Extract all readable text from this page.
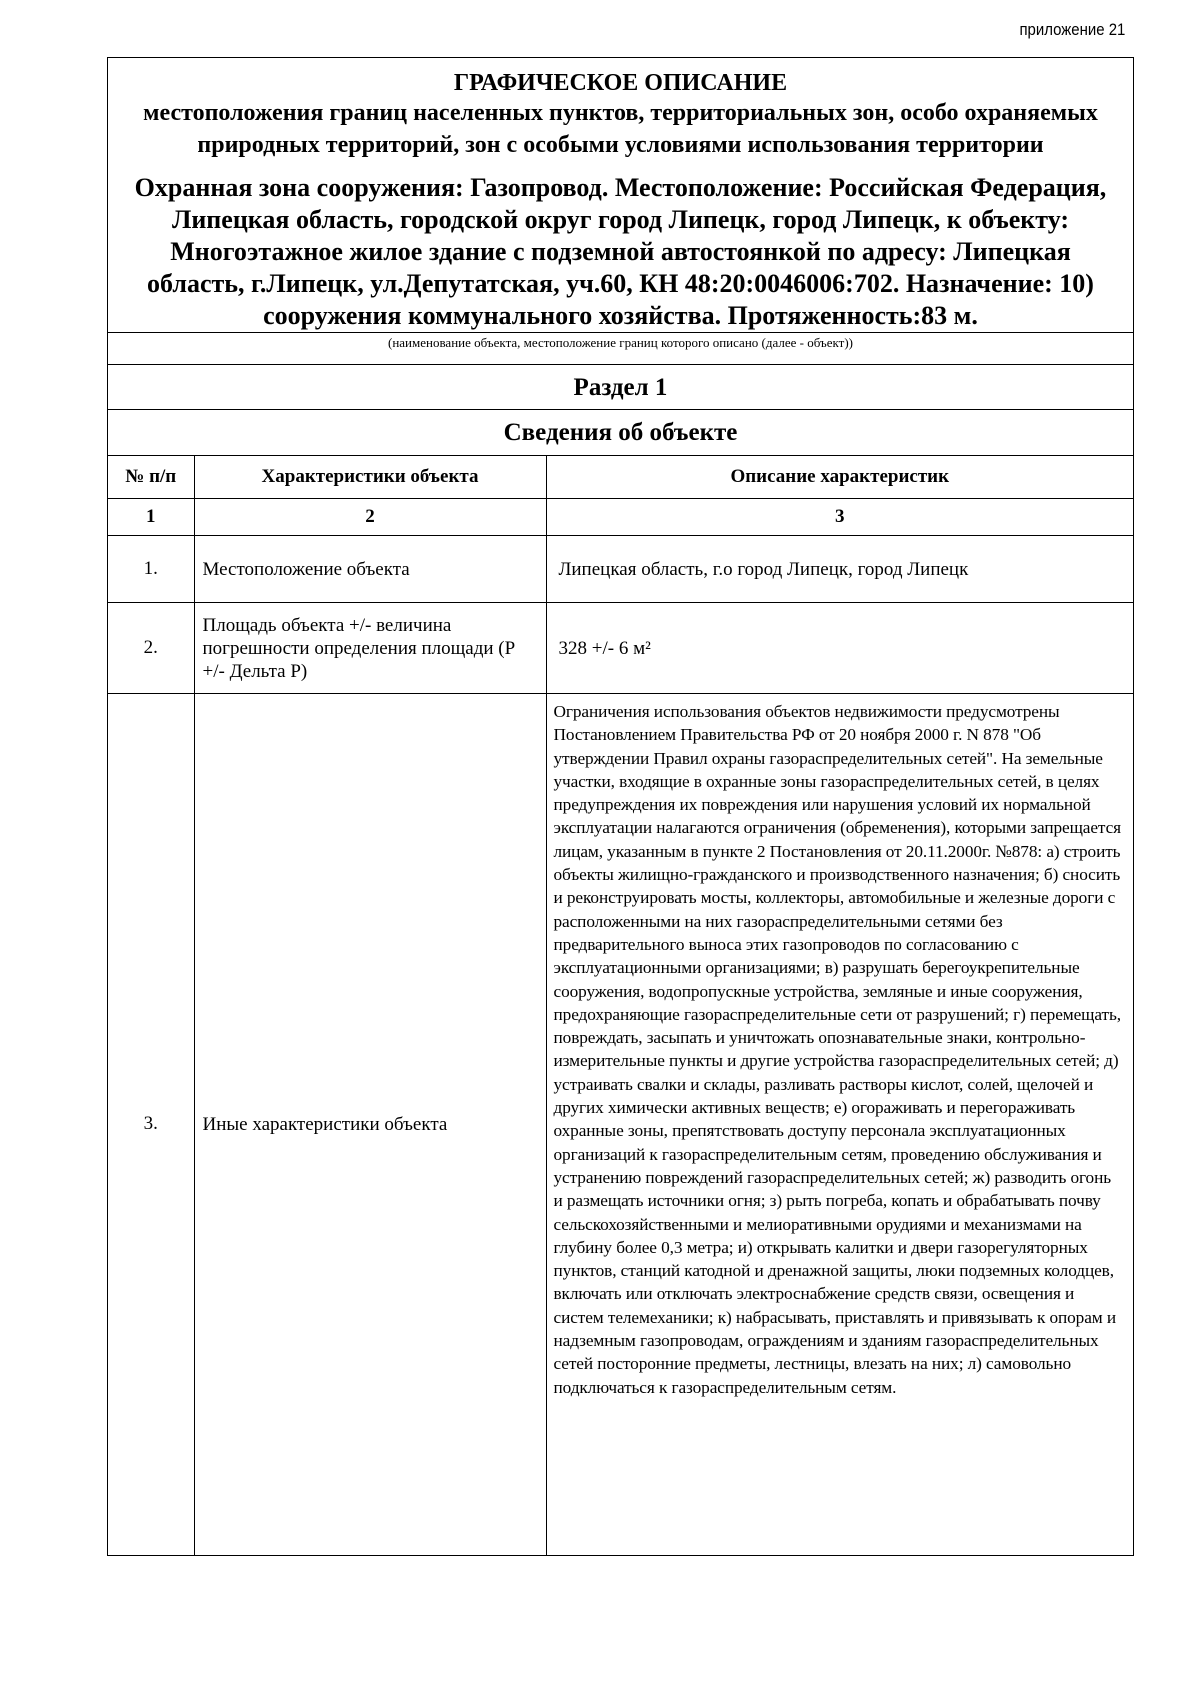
приложение 21
ГРАФИЧЕСКОЕ ОПИСАНИЕ
местоположения границ населенных пунктов, территориальных зон, особо охраняемых природных территорий, зон с особыми условиями использования территории
Охранная зона сооружения: Газопровод. Местоположение: Российская Федерация, Липецкая область, городской округ город Липецк, город Липецк, к объекту: Многоэтажное жилое здание с подземной автостоянкой по адресу: Липецкая область, г.Липецк, ул.Депутатская, уч.60, КН 48:20:0046006:702. Назначение: 10) сооружения коммунального хозяйства. Протяженность:83 м.
(наименование объекта, местоположение границ которого описано (далее - объект))
Раздел 1
Сведения об объекте
№ п/п	Характеристики объекта	Описание характеристик
1	2	3
1.	Местоположение объекта	Липецкая область, г.о город Липецк, город Липецк
2.	Площадь объекта +/- величина погрешности определения площади (P +/- Дельта P)	328 +/- 6 м²
3.	Иные характеристики объекта	Ограничения использования объектов недвижимости предусмотрены Постановлением Правительства РФ от 20 ноября 2000 г. N 878 "Об утверждении Правил охраны газораспределительных сетей". На земельные участки, входящие в охранные зоны газораспределительных сетей, в целях предупреждения их повреждения или нарушения условий их нормальной эксплуатации налагаются ограничения (обременения), которыми запрещается лицам, указанным в пункте 2 Постановления от 20.11.2000г. №878: а) строить объекты жилищно-гражданского и производственного назначения; б) сносить и реконструировать мосты, коллекторы, автомобильные и железные дороги с расположенными на них газораспределительными сетями без предварительного выноса этих газопроводов по согласованию с эксплуатационными организациями; в) разрушать берегоукрепительные сооружения, водопропускные устройства, земляные и иные сооружения, предохраняющие газораспределительные сети от разрушений; г) перемещать, повреждать, засыпать и уничтожать опознавательные знаки, контрольно-измерительные пункты и другие устройства газораспределительных сетей; д) устраивать свалки и склады, разливать растворы кислот, солей, щелочей и других химически активных веществ; е) огораживать и перегораживать охранные зоны, препятствовать доступу персонала эксплуатационных организаций к газораспределительным сетям, проведению обслуживания и устранению повреждений газораспределительных сетей; ж) разводить огонь и размещать источники огня; з) рыть погреба, копать и обрабатывать почву сельскохозяйственными и мелиоративными орудиями и механизмами на глубину более 0,3 метра; и) открывать калитки и двери газорегуляторных пунктов, станций катодной и дренажной защиты, люки подземных колодцев, включать или отключать электроснабжение средств связи, освещения и систем телемеханики; к) набрасывать, приставлять и привязывать к опорам и надземным газопроводам, ограждениям и зданиям газораспределительных сетей посторонние предметы, лестницы, влезать на них; л) самовольно подключаться к газораспределительным сетям.
